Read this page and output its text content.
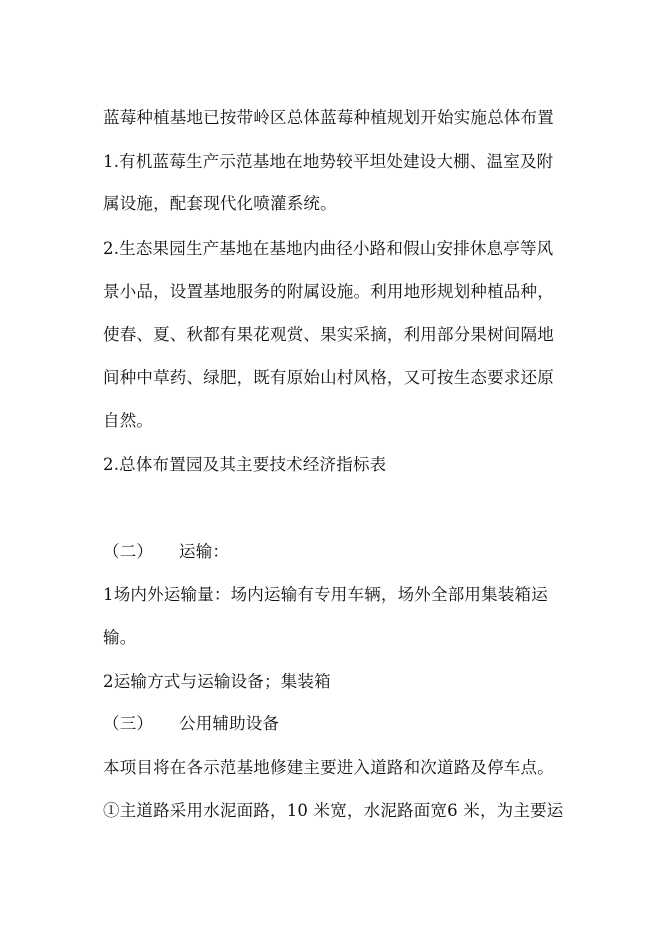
蓝莓种植基地已按带岭区总体蓝莓种植规划开始实施总体布置
1.有机蓝莓生产示范基地在地势较平坦处建设大棚、温室及附
属设施，配套现代化喷灌系统。
2.生态果园生产基地在基地内曲径小路和假山安排休息亭等风
景小品，设置基地服务的附属设施。利用地形规划种植品种，
使春、夏、秋都有果花观赏、果实采摘，利用部分果树间隔地
间种中草药、绿肥，既有原始山村风格，又可按生态要求还原
自然。
2.总体布置园及其主要技术经济指标表
（二） 运输：
1场内外运输量：场内运输有专用车辆，场外全部用集装箱运
输。
2运输方式与运输设备；集装箱
（三） 公用辅助设备
本项目将在各示范基地修建主要进入道路和次道路及停车点。
①主道路采用水泥面路，10 米宽，水泥路面宽6 米，为主要运
